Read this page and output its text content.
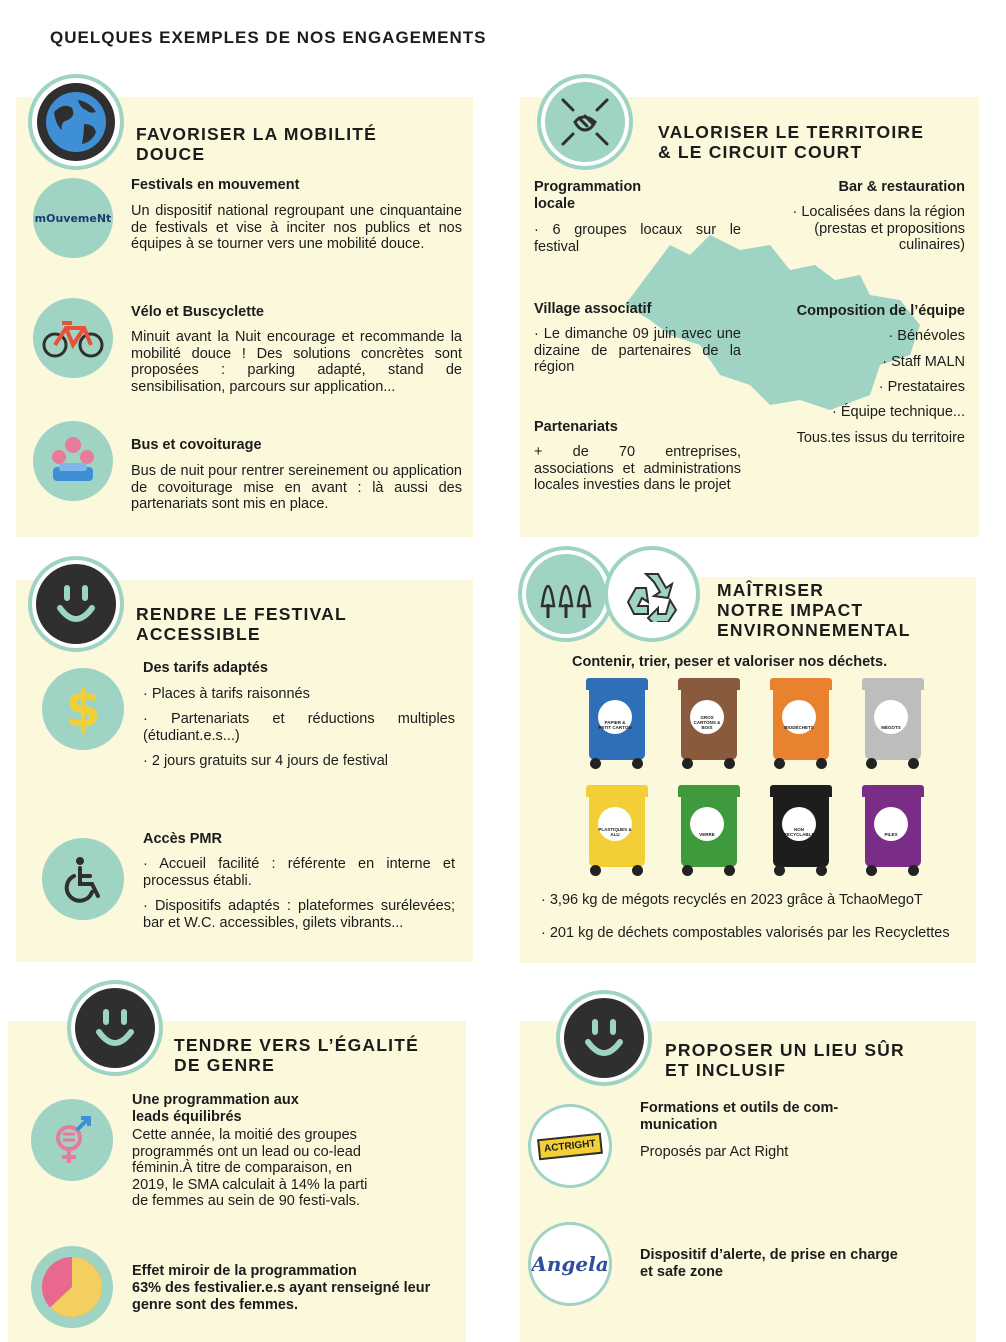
QUELQUES EXEMPLES DE NOS ENGAGEMENTS
FAVORISER LA MOBILITÉ
DOUCE
mOuvemeNt
Festivals en mouvement
Un dispositif national regroupant une cinquantaine de festivals et vise à inciter nos publics et nos équipes à se tourner vers une mobilité douce.
Vélo et Buscyclette
Minuit avant la Nuit encourage et recommande la mobilité douce ! Des solutions concrètes sont proposées : parking adapté, stand de sensibilisation, parcours sur application...
Bus et covoiturage
Bus de nuit pour rentrer sereinement ou application de covoiturage mise en avant : là aussi des partenariats sont mis en place.
VALORISER LE TERRITOIRE
& LE CIRCUIT COURT
Programmation
locale
· 6 groupes locaux sur le festival
Bar & restauration
· Localisées dans la région (prestas et propositions culinaires)
Village associatif
· Le dimanche 09 juin avec une dizaine de partenaires de la région
Composition de l’équipe
· Bénévoles
· Staff MALN
· Prestataires
· Équipe technique...
Tous.tes issus du territoire
Partenariats
+ de 70 entreprises, associations et administrations locales investies dans le projet
RENDRE LE FESTIVAL
ACCESSIBLE
$
Des tarifs adaptés
· Places à tarifs raisonnés
· Partenariats et réductions multiples (étudiant.e.s...)
· 2 jours gratuits sur 4 jours de festival
Accès PMR
· Accueil facilité : référente en interne et processus établi.
· Dispositifs adaptés : plateformes surélevées; bar et W.C. accessibles, gilets vibrants...
MAÎTRISER
NOTRE IMPACT
ENVIRONNEMENTAL
Contenir, trier, peser et valoriser nos déchets.
PAPIER & PETIT CARTON
GROS CARTONS & BOIS	BIODÉCHETS	MÉGOTS
PLASTIQUES & ALU	VERRE
NON RECYCLABLE	PILES
· 3,96 kg de mégots recyclés en 2023 grâce à TchaoMegoT
· 201 kg de déchets compostables valorisés par les Recyclettes
TENDRE VERS L’ÉGALITÉ
DE GENRE
Une programmation aux
leads équilibrés
Cette année, la moitié des groupes programmés ont un lead ou co-lead féminin.À titre de comparaison, en 2019, le SMA calculait à 14% la parti de femmes au sein de 90 festi-vals.
Effet miroir de la programmation
63% des festivalier.e.s ayant renseigné leur genre sont des femmes.
PROPOSER UN LIEU SÛR
ET INCLUSIF
ACTRIGHT
Formations et outils de com-
munication
Proposés par Act Right
Angela Dispositif d’alerte, de prise en charge
et safe zone
